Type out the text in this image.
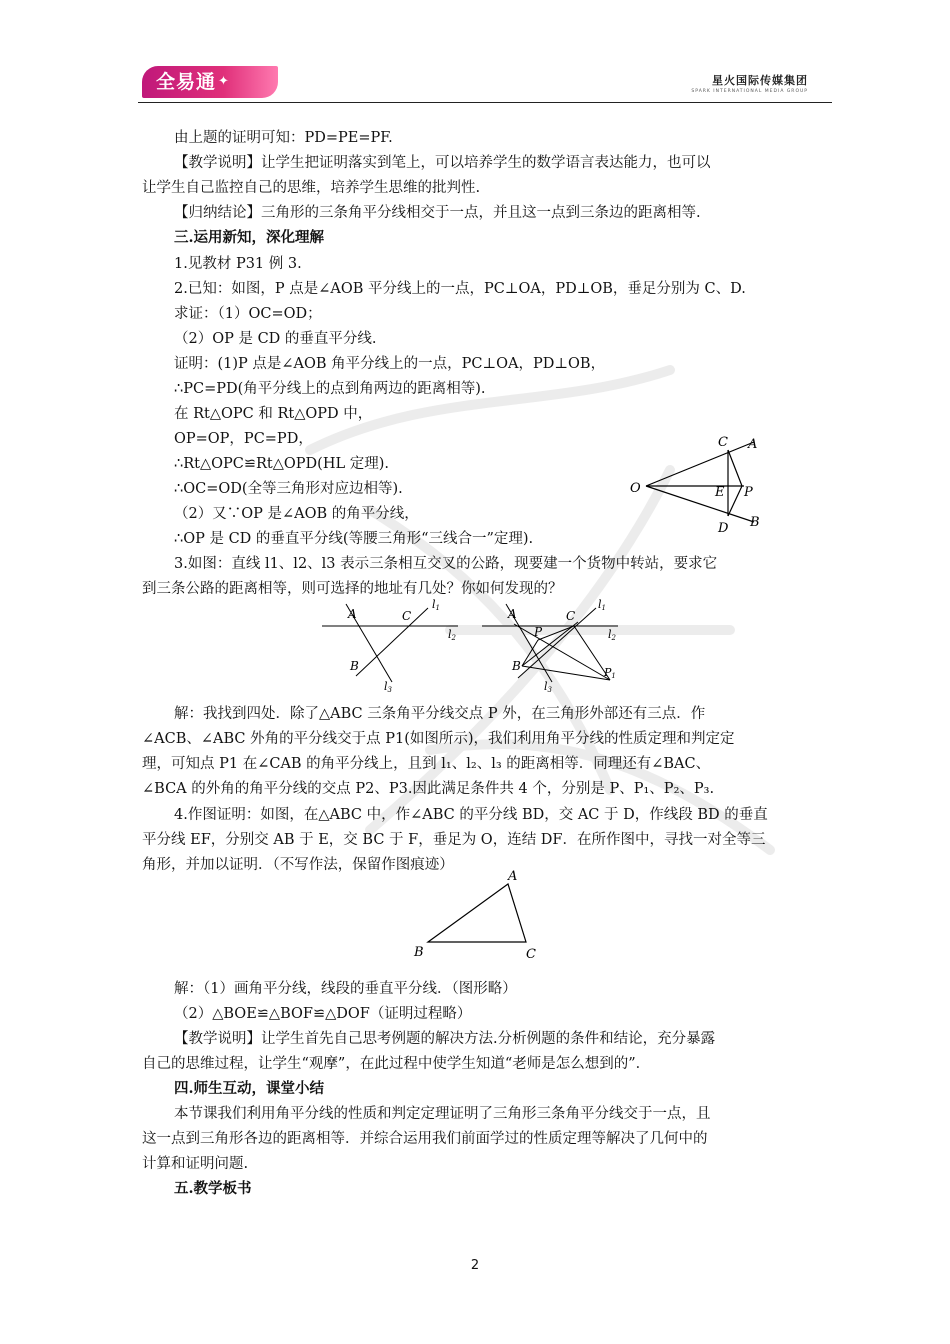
全易通 ✦	星火国际传媒集团
SPARK INTERNATIONAL MEDIA GROUP
由上题的证明可知：PD=PE=PF.
【教学说明】让学生把证明落实到笔上，可以培养学生的数学语言表达能力，也可以
让学生自己监控自己的思维，培养学生思维的批判性.
【归纳结论】三角形的三条角平分线相交于一点，并且这一点到三条边的距离相等.
三.运用新知，深化理解
1.见教材 P31 例 3.
2.已知：如图，P 点是∠AOB 平分线上的一点，PC⊥OA，PD⊥OB，垂足分别为 C、D.
求证：（1）OC=OD；
（2）OP 是 CD 的垂直平分线.
证明：(1)P 点是∠AOB 角平分线上的一点，PC⊥OA，PD⊥OB，
∴PC=PD(角平分线上的点到角两边的距离相等).
在 Rt△OPC 和 Rt△OPD 中，
OP=OP，PC=PD，
∴Rt△OPC≌Rt△OPD(HL 定理).
∴OC=OD(全等三角形对应边相等).
（2）又∵OP 是∠AOB 的角平分线，
∴OP 是 CD 的垂直平分线(等腰三角形“三线合一”定理).
3.如图：直线 l1、l2、l3 表示三条相互交叉的公路，现要建一个货物中转站，要求它
到三条公路的距离相等，则可选择的地址有几处？你如何发现的？
解：我找到四处．除了△ABC 三条角平分线交点 P 外，在三角形外部还有三点．作
∠ACB、∠ABC 外角的平分线交于点 P1(如图所示)，我们利用角平分线的性质定理和判定定
理，可知点 P1 在∠CAB 的角平分线上，且到 l₁、l₂、l₃ 的距离相等．同理还有∠BAC、
∠BCA 的外角的角平分线的交点 P2、P3.因此满足条件共 4 个，分别是 P、P₁、P₂、P₃.
4.作图证明：如图，在△ABC 中，作∠ABC 的平分线 BD，交 AC 于 D，作线段 BD 的垂直
平分线 EF，分别交 AB 于 E，交 BC 于 F，垂足为 O，连结 DF．在所作图中，寻找一对全等三
角形，并加以证明．（不写作法，保留作图痕迹）
解：（1）画角平分线，线段的垂直平分线．（图形略）
（2）△BOE≌△BOF≌△DOF（证明过程略）
【教学说明】让学生首先自己思考例题的解决方法.分析例题的条件和结论，充分暴露
自己的思维过程，让学生“观摩”，在此过程中使学生知道“老师是怎么想到的”．
四.师生互动，课堂小结
本节课我们利用角平分线的性质和判定定理证明了三角形三条角平分线交于一点，且
这一点到三角形各边的距离相等．并综合运用我们前面学过的性质定理等解决了几何中的
计算和证明问题.
五.教学板书
C A
O	E P
D B
A	C
B
l1
l2
l3
A	C
B
P
l1
l2
l3
P1
A
B	C
2
